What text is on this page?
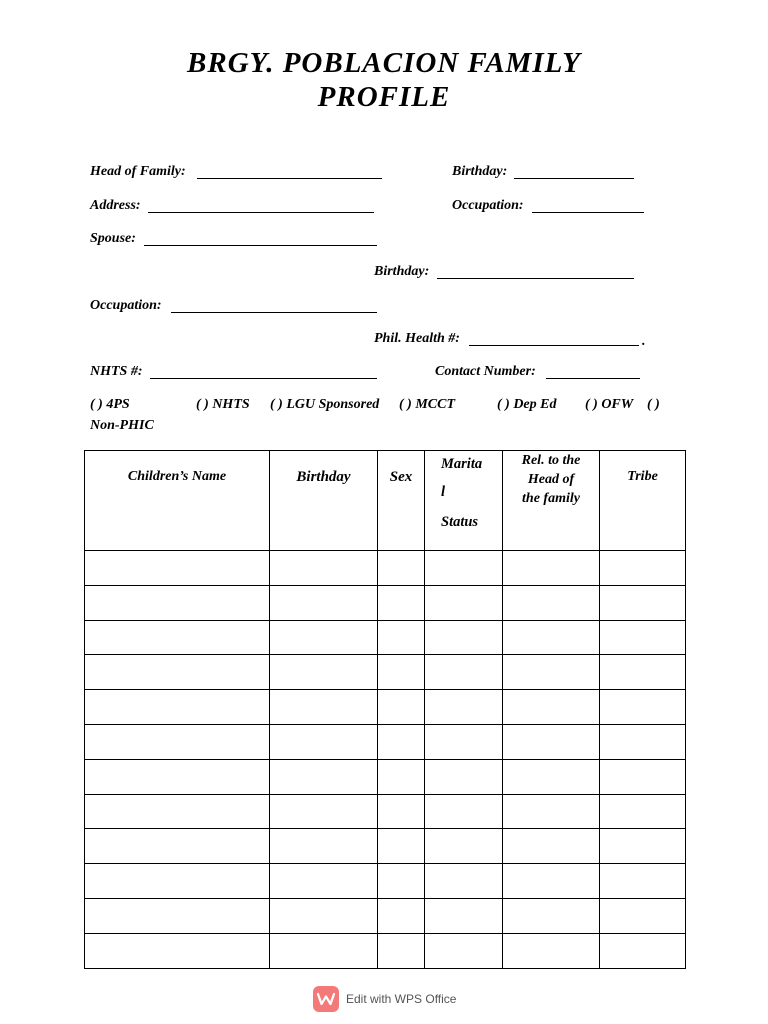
BRGY. POBLACION FAMILY
PROFILE
Head of Family:	Birthday:
Address:	Occupation:
Spouse:
Birthday:
Occupation:
Phil. Health #:	.
NHTS #:	Contact Number:
( ) 4PS	( ) NHTS ( ) LGU Sponsored ( ) MCCT	( ) Dep Ed ( ) OFW ( )
Non-PHIC
Children’s Name	Birthday	Sex	Marita
l
Status	Rel. to the
Head of
the family	Tribe

Edit with WPS Office
